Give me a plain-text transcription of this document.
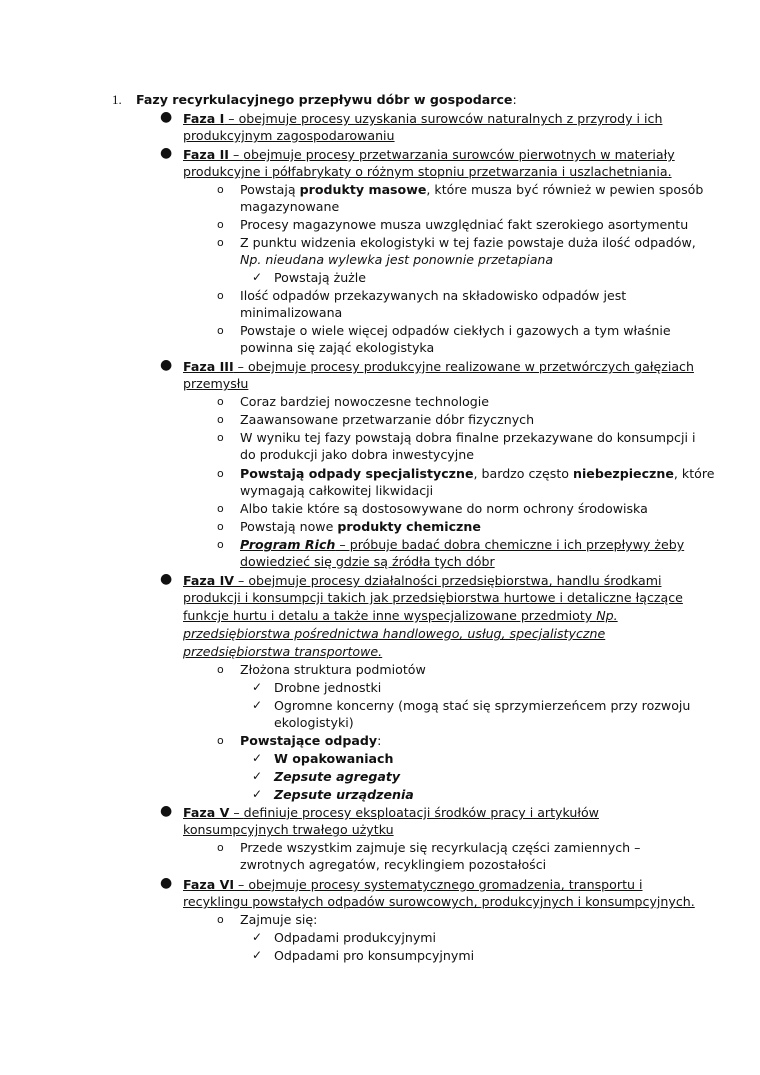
1. Fazy recyrkulacyjnego przepływu dóbr w gospodarce:
● Faza I – obejmuje procesy uzyskania surowców naturalnych z przyrody i ich
produkcyjnym zagospodarowaniu
● Faza II – obejmuje procesy przetwarzania surowców pierwotnych w materiały
produkcyjne i półfabrykaty o różnym stopniu przetwarzania i uszlachetniania.
o Powstają produkty masowe, które musza być również w pewien sposób
magazynowane
o Procesy magazynowe musza uwzględniać fakt szerokiego asortymentu
o Z punktu widzenia ekologistyki w tej fazie powstaje duża ilość odpadów,
Np. nieudana wylewka jest ponownie przetapiana
✓ Powstają żużle
o Ilość odpadów przekazywanych na składowisko odpadów jest
minimalizowana
o Powstaje o wiele więcej odpadów ciekłych i gazowych a tym właśnie
powinna się zająć ekologistyka
● Faza III – obejmuje procesy produkcyjne realizowane w przetwórczych gałęziach
przemysłu
o Coraz bardziej nowoczesne technologie
o Zaawansowane przetwarzanie dóbr fizycznych
o W wyniku tej fazy powstają dobra finalne przekazywane do konsumpcji i
do produkcji jako dobra inwestycyjne
o Powstają odpady specjalistyczne, bardzo często niebezpieczne, które
wymagają całkowitej likwidacji
o Albo takie które są dostosowywane do norm ochrony środowiska
o Powstają nowe produkty chemiczne
o Program Rich – próbuje badać dobra chemiczne i ich przepływy żeby
dowiedzieć się gdzie są źródła tych dóbr
● Faza IV – obejmuje procesy działalności przedsiębiorstwa, handlu środkami
produkcji i konsumpcji takich jak przedsiębiorstwa hurtowe i detaliczne łączące
funkcje hurtu i detalu a także inne wyspecjalizowane przedmioty Np.
przedsiębiorstwa pośrednictwa handlowego, usług, specjalistyczne
przedsiębiorstwa transportowe.
o Złożona struktura podmiotów
✓ Drobne jednostki
✓ Ogromne koncerny (mogą stać się sprzymierzeńcem przy rozwoju
ekologistyki)
o Powstające odpady:
✓ W opakowaniach
✓ Zepsute agregaty
✓ Zepsute urządzenia
● Faza V – definiuje procesy eksploatacji środków pracy i artykułów
konsumpcyjnych trwałego użytku
o Przede wszystkim zajmuje się recyrkulacją części zamiennych –
zwrotnych agregatów, recyklingiem pozostałości
● Faza VI – obejmuje procesy systematycznego gromadzenia, transportu i
recyklingu powstałych odpadów surowcowych, produkcyjnych i konsumpcyjnych.
o Zajmuje się:
✓ Odpadami produkcyjnymi
✓ Odpadami pro konsumpcyjnymi
